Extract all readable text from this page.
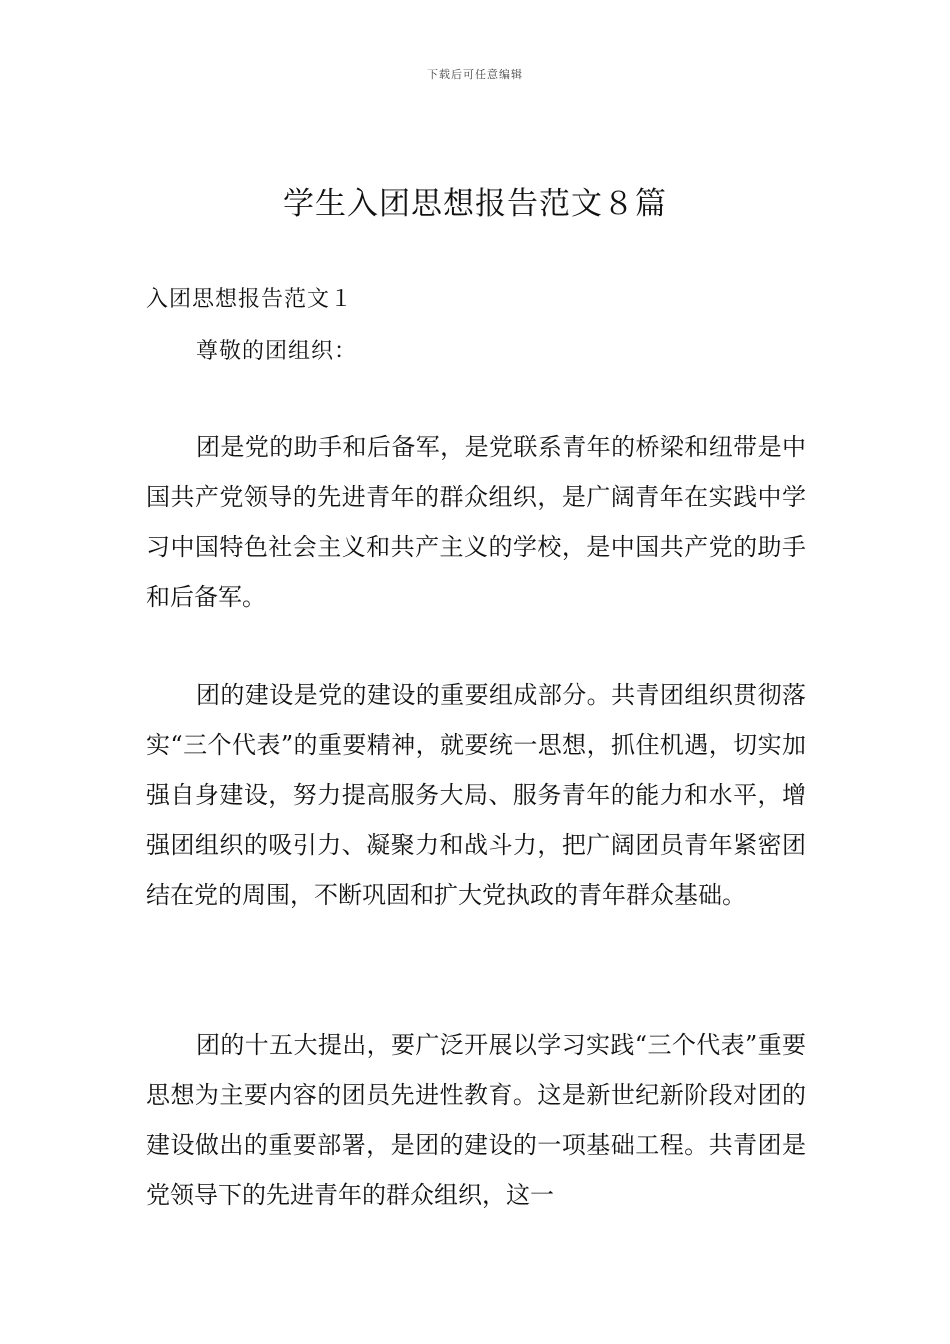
下载后可任意编辑
学生入团思想报告范文８篇
入团思想报告范文１
尊敬的团组织：

团是党的助手和后备军，是党联系青年的桥梁和纽带是中国共产党领导的先进青年的群众组织，是广阔青年在实践中学习中国特色社会主义和共产主义的学校，是中国共产党的助手和后备军。

团的建设是党的建设的重要组成部分。共青团组织贯彻落实“三个代表”的重要精神，就要统一思想，抓住机遇，切实加强自身建设，努力提高服务大局、服务青年的能力和水平，增强团组织的吸引力、凝聚力和战斗力，把广阔团员青年紧密团结在党的周围，不断巩固和扩大党执政的青年群众基础。

团的十五大提出，要广泛开展以学习实践“三个代表”重要思想为主要内容的团员先进性教育。这是新世纪新阶段对团的建设做出的重要部署，是团的建设的一项基础工程。共青团是党领导下的先进青年的群众组织，这一
